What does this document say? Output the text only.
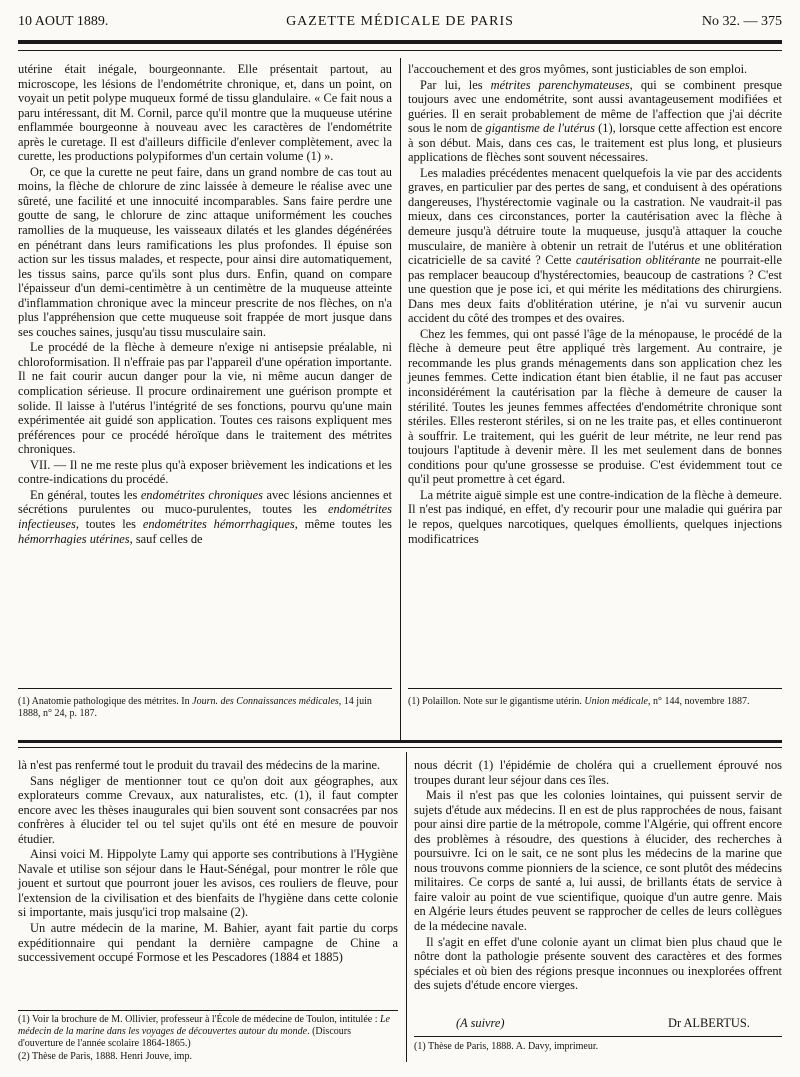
10 AOUT 1889.	GAZETTE MÉDICALE DE PARIS	No 32. — 375

utérine était inégale, bourgeonnante. Elle présentait partout, au microscope, les lésions de l'endométrite chronique, et, dans un point, on voyait un petit polype muqueux formé de tissu glandulaire. « Ce fait nous a paru intéressant, dit M. Cornil, parce qu'il montre que la muqueuse utérine enflammée bourgeonne à nouveau avec les caractères de l'endométrite après le curetage. Il est d'ailleurs difficile d'enlever complètement, avec la curette, les productions polypiformes d'un certain volume (1) ».

Or, ce que la curette ne peut faire, dans un grand nombre de cas tout au moins, la flèche de chlorure de zinc laissée à demeure le réalise avec une sûreté, une facilité et une innocuité incomparables. Sans faire perdre une goutte de sang, le chlorure de zinc attaque uniformément les couches ramollies de la muqueuse, les vaisseaux dilatés et les glandes dégénérées en pénétrant dans leurs ramifications les plus profondes. Il épuise son action sur les tissus malades, et respecte, pour ainsi dire automatiquement, les tissus sains, parce qu'ils sont plus durs. Enfin, quand on compare l'épaisseur d'un demi-centimètre à un centimètre de la muqueuse atteinte d'inflammation chronique avec la minceur prescrite de nos flèches, on n'a plus l'appréhension que cette muqueuse soit frappée de mort jusque dans ses couches saines, jusqu'au tissu musculaire sain.

Le procédé de la flèche à demeure n'exige ni antisepsie préalable, ni chloroformisation. Il n'effraie pas par l'appareil d'une opération importante. Il ne fait courir aucun danger pour la vie, ni même aucun danger de complication sérieuse. Il procure ordinairement une guérison prompte et solide. Il laisse à l'utérus l'intégrité de ses fonctions, pourvu qu'une main expérimentée ait guidé son application. Toutes ces raisons expliquent mes préférences pour ce procédé héroïque dans le traitement des métrites chroniques.

VII. — Il ne me reste plus qu'à exposer brièvement les indications et les contre-indications du procédé.

En général, toutes les endométrites chroniques avec lésions anciennes et sécrétions purulentes ou muco-purulentes, toutes les endométrites infectieuses, toutes les endométrites hémorrhagiques, même toutes les hémorrhagies utérines, sauf celles de

l'accouchement et des gros myômes, sont justiciables de son emploi.

Par lui, les métrites parenchymateuses, qui se combinent presque toujours avec une endométrite, sont aussi avantageusement modifiées et guéries. Il en serait probablement de même de l'affection que j'ai décrite sous le nom de gigantisme de l'utérus (1), lorsque cette affection est encore à son début. Mais, dans ces cas, le traitement est plus long, et plusieurs applications de flèches sont souvent nécessaires.

Les maladies précédentes menacent quelquefois la vie par des accidents graves, en particulier par des pertes de sang, et conduisent à des opérations dangereuses, l'hystérectomie vaginale ou la castration. Ne vaudrait-il pas mieux, dans ces circonstances, porter la cautérisation avec la flèche à demeure jusqu'à détruire toute la muqueuse, jusqu'à attaquer la couche musculaire, de manière à obtenir un retrait de l'utérus et une oblitération cicatricielle de sa cavité ? Cette cautérisation oblitérante ne pourrait-elle pas remplacer beaucoup d'hystérectomies, beaucoup de castrations ? C'est une question que je pose ici, et qui mérite les méditations des chirurgiens. Dans mes deux faits d'oblitération utérine, je n'ai vu survenir aucun accident du côté des trompes et des ovaires.

Chez les femmes, qui ont passé l'âge de la ménopause, le procédé de la flèche à demeure peut être appliqué très largement. Au contraire, je recommande les plus grands ménagements dans son application chez les jeunes femmes. Cette indication étant bien établie, il ne faut pas accuser inconsidérément la cautérisation par la flèche à demeure de causer la stérilité. Toutes les jeunes femmes affectées d'endométrite chronique sont stériles. Elles resteront stériles, si on ne les traite pas, et elles continueront à souffrir. Le traitement, qui les guérit de leur métrite, ne leur rend pas toujours l'aptitude à devenir mère. Il les met seulement dans de bonnes conditions pour qu'une grossesse se produise. C'est évidemment tout ce qu'il peut promettre à cet égard.

La métrite aiguë simple est une contre-indication de la flèche à demeure. Il n'est pas indiqué, en effet, d'y recourir pour une maladie qui guérira par le repos, quelques narcotiques, quelques émollients, quelques injections modificatrices

(1) Anatomie pathologique des métrites. In Journ. des Connaissances médicales, 14 juin 1888, n° 24, p. 187.

(1) Polaillon. Note sur le gigantisme utérin. Union médicale, n° 144, novembre 1887.

là n'est pas renfermé tout le produit du travail des médecins de la marine.

Sans négliger de mentionner tout ce qu'on doit aux géographes, aux explorateurs comme Crevaux, aux naturalistes, etc. (1), il faut compter encore avec les thèses inaugurales qui bien souvent sont consacrées par nos confrères à élucider tel ou tel sujet qu'ils ont été en mesure de pouvoir étudier.

Ainsi voici M. Hippolyte Lamy qui apporte ses contributions à l'Hygiène Navale et utilise son séjour dans le Haut-Sénégal, pour montrer le rôle que jouent et surtout que pourront jouer les avisos, ces rouliers de fleuve, pour l'extension de la civilisation et des bienfaits de l'hygiène dans cette colonie si importante, mais jusqu'ici trop malsaine (2).

Un autre médecin de la marine, M. Bahier, ayant fait partie du corps expéditionnaire qui pendant la dernière campagne de Chine a successivement occupé Formose et les Pescadores (1884 et 1885)

nous décrit (1) l'épidémie de choléra qui a cruellement éprouvé nos troupes durant leur séjour dans ces îles.

Mais il n'est pas que les colonies lointaines, qui puissent servir de sujets d'étude aux médecins. Il en est de plus rapprochées de nous, faisant pour ainsi dire partie de la métropole, comme l'Algérie, qui offrent encore des problèmes à résoudre, des questions à élucider, des recherches à poursuivre. Ici on le sait, ce ne sont plus les médecins de la marine que nous trouvons comme pionniers de la science, ce sont plutôt des médecins militaires. Ce corps de santé a, lui aussi, de brillants états de service à faire valoir au point de vue scientifique, quoique d'un autre genre. Mais en Algérie leurs études peuvent se rapprocher de celles de leurs collègues de la médecine navale.

Il s'agit en effet d'une colonie ayant un climat bien plus chaud que le nôtre dont la pathologie présente souvent des caractères et des formes spéciales et où bien des régions presque inconnues ou inexplorées offrent des sujets d'étude encore vierges.

(1) Voir la brochure de M. Ollivier, professeur à l'École de médecine de Toulon, intitulée : Le médecin de la marine dans les voyages de découvertes autour du monde. (Discours d'ouverture de l'année scolaire 1864-1865.)

(2) Thèse de Paris, 1888. Henri Jouve, imp.

(A suivre)	Dr ALBERTUS.

(1) Thèse de Paris, 1888. A. Davy, imprimeur.
